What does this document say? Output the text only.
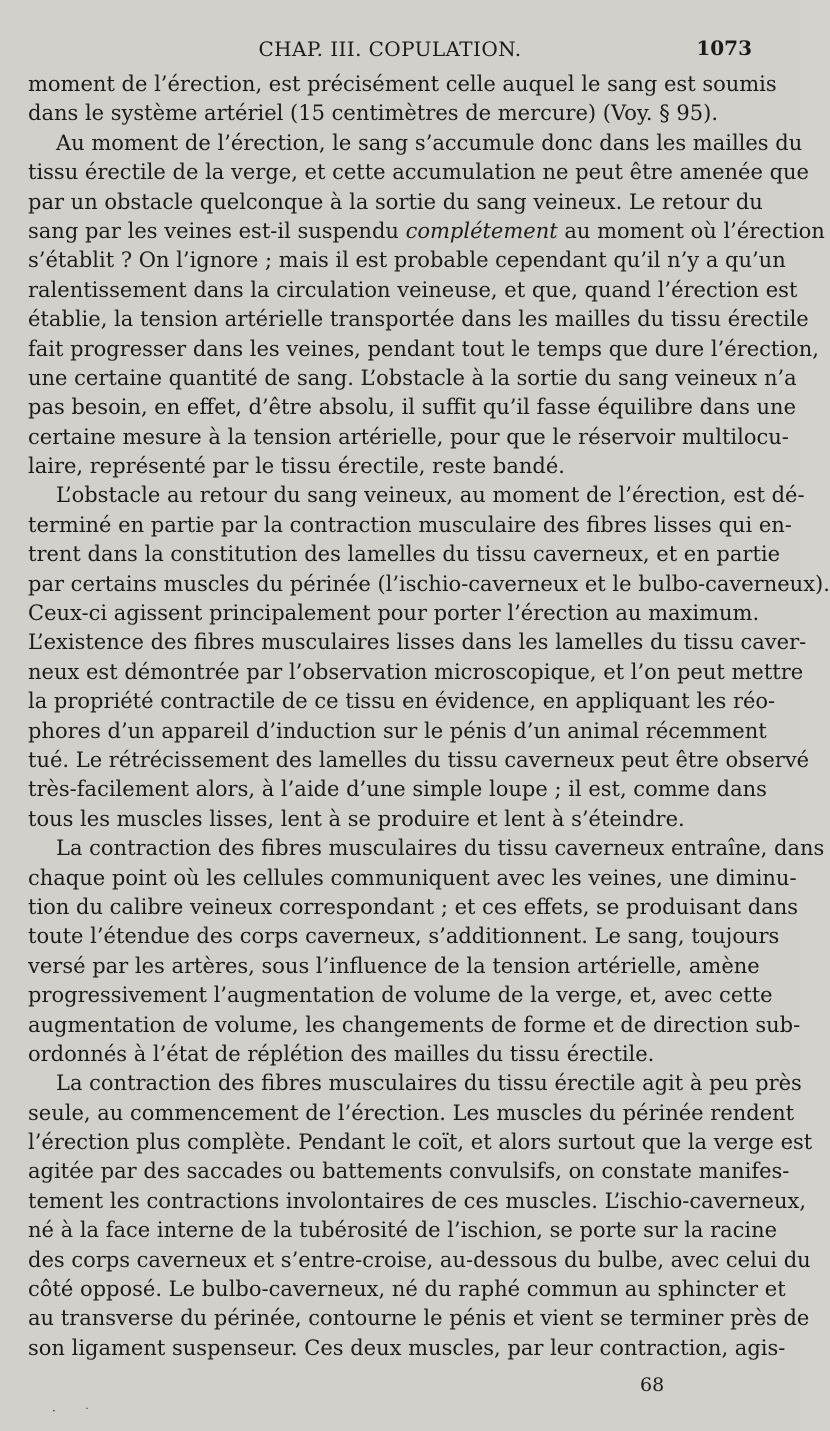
CHAP. III. COPULATION.	1073
moment de l’érection, est précisément celle auquel le sang est soumis
dans le système artériel (15 centimètres de mercure) (Voy. § 95).
Au moment de l’érection, le sang s’accumule donc dans les mailles du
tissu érectile de la verge, et cette accumulation ne peut être amenée que
par un obstacle quelconque à la sortie du sang veineux. Le retour du
sang par les veines est-il suspendu complétement au moment où l’érection
s’établit ? On l’ignore ; mais il est probable cependant qu’il n’y a qu’un
ralentissement dans la circulation veineuse, et que, quand l’érection est
établie, la tension artérielle transportée dans les mailles du tissu érectile
fait progresser dans les veines, pendant tout le temps que dure l’érection,
une certaine quantité de sang. L’obstacle à la sortie du sang veineux n’a
pas besoin, en effet, d’être absolu, il suffit qu’il fasse équilibre dans une
certaine mesure à la tension artérielle, pour que le réservoir multilocu-
laire, représenté par le tissu érectile, reste bandé.
L’obstacle au retour du sang veineux, au moment de l’érection, est dé-
terminé en partie par la contraction musculaire des fibres lisses qui en-
trent dans la constitution des lamelles du tissu caverneux, et en partie
par certains muscles du périnée (l’ischio-caverneux et le bulbo-caverneux).
Ceux-ci agissent principalement pour porter l’érection au maximum.
L’existence des fibres musculaires lisses dans les lamelles du tissu caver-
neux est démontrée par l’observation microscopique, et l’on peut mettre
la propriété contractile de ce tissu en évidence, en appliquant les réo-
phores d’un appareil d’induction sur le pénis d’un animal récemment
tué. Le rétrécissement des lamelles du tissu caverneux peut être observé
très-facilement alors, à l’aide d’une simple loupe ; il est, comme dans
tous les muscles lisses, lent à se produire et lent à s’éteindre.
La contraction des fibres musculaires du tissu caverneux entraîne, dans
chaque point où les cellules communiquent avec les veines, une diminu-
tion du calibre veineux correspondant ; et ces effets, se produisant dans
toute l’étendue des corps caverneux, s’additionnent. Le sang, toujours
versé par les artères, sous l’influence de la tension artérielle, amène
progressivement l’augmentation de volume de la verge, et, avec cette
augmentation de volume, les changements de forme et de direction sub-
ordonnés à l’état de réplétion des mailles du tissu érectile.
La contraction des fibres musculaires du tissu érectile agit à peu près
seule, au commencement de l’érection. Les muscles du périnée rendent
l’érection plus complète. Pendant le coït, et alors surtout que la verge est
agitée par des saccades ou battements convulsifs, on constate manifes-
tement les contractions involontaires de ces muscles. L’ischio-caverneux,
né à la face interne de la tubérosité de l’ischion, se porte sur la racine
des corps caverneux et s’entre-croise, au-dessous du bulbe, avec celui du
côté opposé. Le bulbo-caverneux, né du raphé commun au sphincter et
au transverse du périnée, contourne le pénis et vient se terminer près de
son ligament suspenseur. Ces deux muscles, par leur contraction, agis-
68
· ˙
